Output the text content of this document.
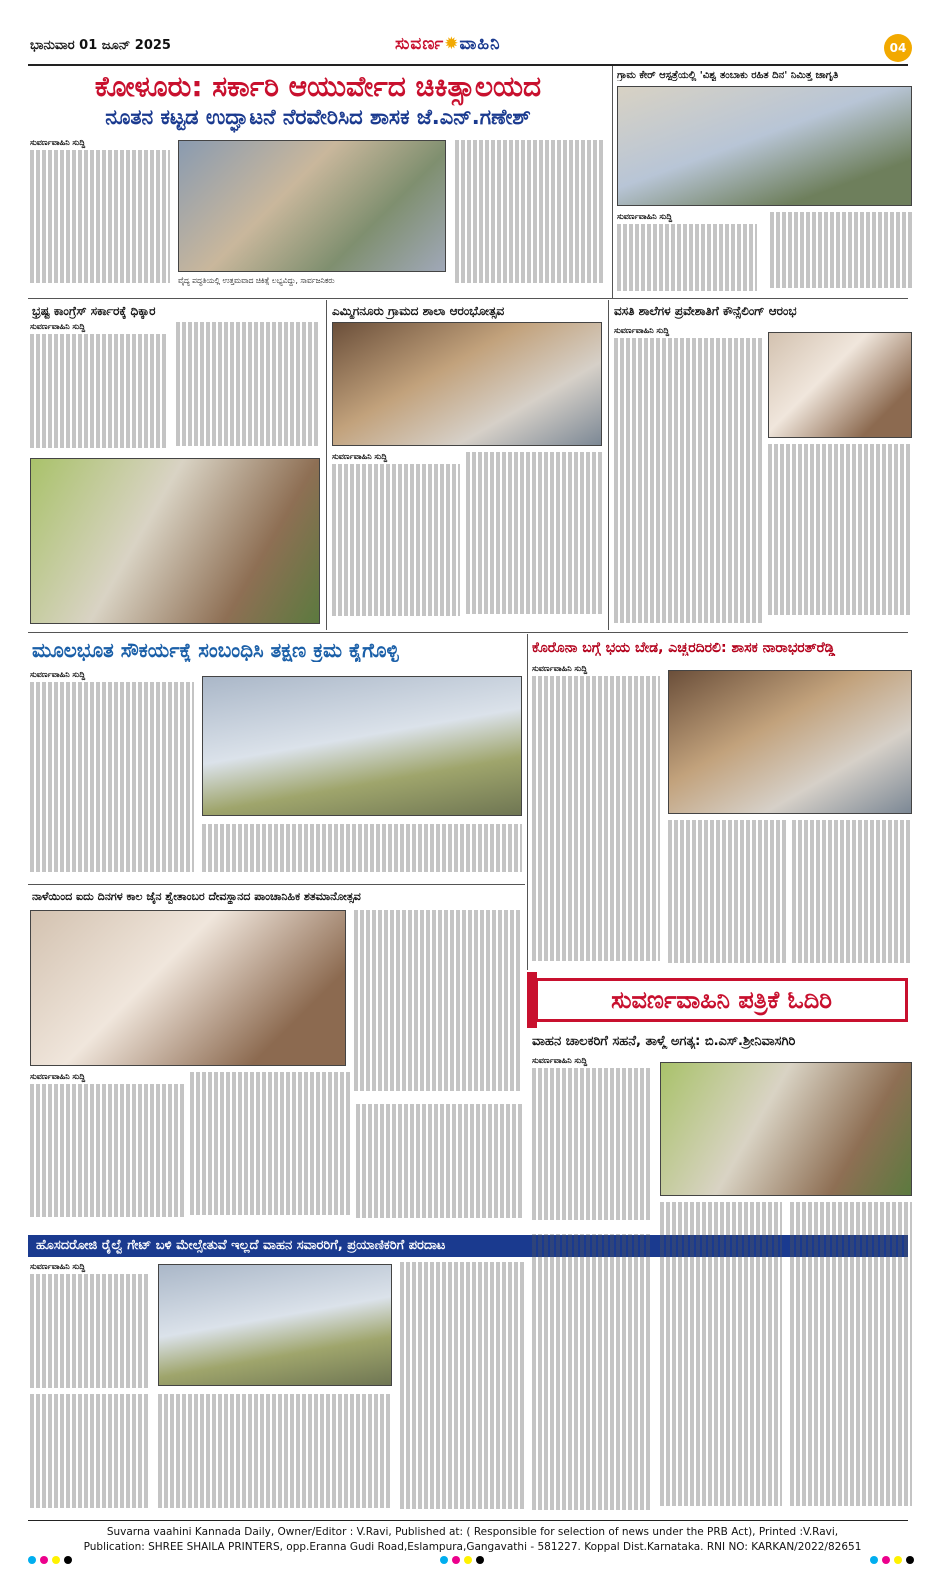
ಭಾನುವಾರ 01 ಜೂನ್ 2025	ಸುವರ್ಣ✹ವಾಹಿನಿ	04
ಕೋಳೂರು: ಸರ್ಕಾರಿ ಆಯುರ್ವೇದ ಚಿಕಿತ್ಸಾಲಯದ
ನೂತನ ಕಟ್ಟಡ ಉದ್ಘಾಟನೆ ನೆರವೇರಿಸಿದ ಶಾಸಕ ಜೆ.ಎನ್.ಗಣೇಶ್
ಸುವರ್ಣವಾಹಿನಿ ಸುದ್ದಿ
ವೈದ್ಯ ಪದ್ಧತಿಯಲ್ಲಿ ಉತ್ತಮವಾದ ಚಿಕಿತ್ಸೆ ಲಭ್ಯವಿದ್ದು, ಸಾರ್ವಜನಿಕರು
ಗ್ರಾಮ ಕೇರ್ ಆಸ್ಪತ್ರೆಯಲ್ಲಿ 'ವಿಶ್ವ ತಂಬಾಕು ರಹಿತ ದಿನ' ನಿಮಿತ್ತ ಜಾಗೃತಿ
ಸುವರ್ಣವಾಹಿನಿ ಸುದ್ದಿ
ಭ್ರಷ್ಟ ಕಾಂಗ್ರೆಸ್ ಸರ್ಕಾರಕ್ಕೆ ಧಿಕ್ಕಾರ
ಸುವರ್ಣವಾಹಿನಿ ಸುದ್ದಿ
ಎಮ್ಮಿಗನೂರು ಗ್ರಾಮದ ಶಾಲಾ ಆರಂಭೋತ್ಸವ
ಸುವರ್ಣವಾಹಿನಿ ಸುದ್ದಿ
ವಸತಿ ಶಾಲೆಗಳ ಪ್ರವೇಶಾತಿಗೆ ಕೌನ್ಸೆಲಿಂಗ್ ಆರಂಭ
ಸುವರ್ಣವಾಹಿನಿ ಸುದ್ದಿ
ಮೂಲಭೂತ ಸೌಕರ್ಯಕ್ಕೆ ಸಂಬಂಧಿಸಿ ತಕ್ಷಣ ಕ್ರಮ ಕೈಗೊಳ್ಳಿ
ಸುವರ್ಣವಾಹಿನಿ ಸುದ್ದಿ
ಕೊರೊನಾ ಬಗ್ಗೆ ಭಯ ಬೇಡ, ಎಚ್ಚರದಿರಲಿ: ಶಾಸಕ ನಾರಾಭರತ್‌ರೆಡ್ಡಿ
ಸುವರ್ಣವಾಹಿನಿ ಸುದ್ದಿ
ನಾಳೆಯಿಂದ ಐದು ದಿನಗಳ ಕಾಲ ಜೈನ ಶ್ವೇತಾಂಬರ ದೇವಸ್ಥಾನದ ಪಾಂಚಾನಿಹಿಕ ಶತಮಾನೋತ್ಸವ
ಸುವರ್ಣವಾಹಿನಿ ಸುದ್ದಿ
ಸುವರ್ಣವಾಹಿನಿ ಪತ್ರಿಕೆ ಓದಿರಿ
ವಾಹನ ಚಾಲಕರಿಗೆ ಸಹನೆ, ತಾಳ್ಮೆ ಅಗತ್ಯ: ಬಿ.ಎಸ್.ಶ್ರೀನಿವಾಸಗಿರಿ
ಸುವರ್ಣವಾಹಿನಿ ಸುದ್ದಿ
ಹೊಸದರೋಜಿ ರೈಲ್ವೆ ಗೇಟ್ ಬಳಿ ಮೇಲ್ಸೇತುವೆ ಇಲ್ಲದೆ ವಾಹನ ಸವಾರರಿಗೆ, ಪ್ರಯಾಣಿಕರಿಗೆ ಪರದಾಟ
ಸುವರ್ಣವಾಹಿನಿ ಸುದ್ದಿ
Suvarna vaahini Kannada Daily, Owner/Editor : V.Ravi, Published at: ( Responsible for selection of news under the PRB Act), Printed :V.Ravi,
Publication: SHREE SHAILA PRINTERS, opp.Eranna Gudi Road,Eslampura,Gangavathi - 581227. Koppal Dist.Karnataka. RNI NO: KARKAN/2022/82651
